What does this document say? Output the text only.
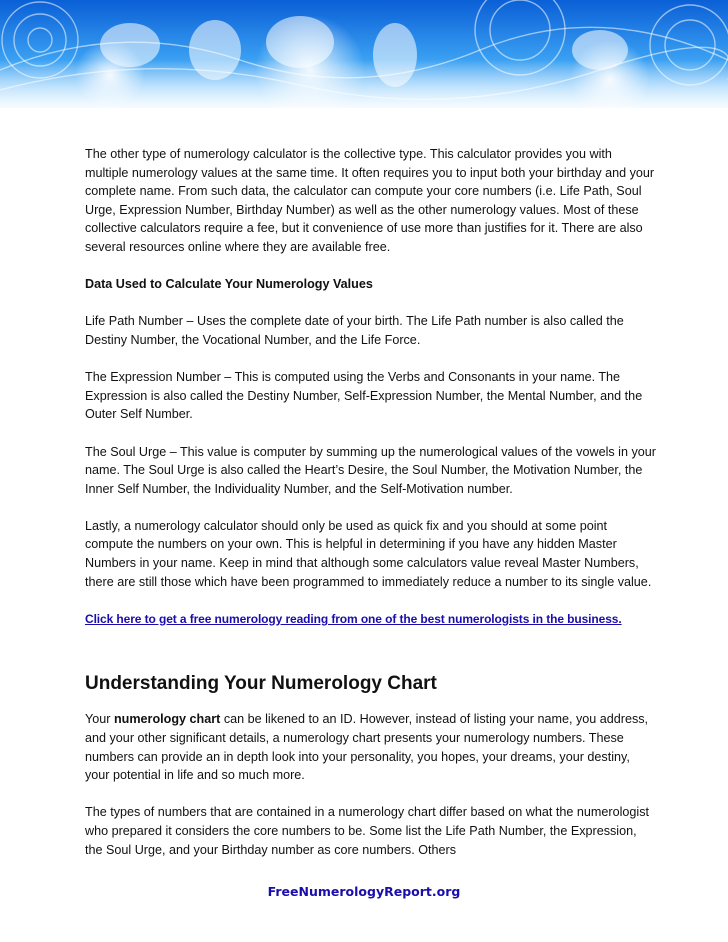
The other type of numerology calculator is the collective type. This calculator provides you with multiple numerology values at the same time. It often requires you to input both your birthday and your complete name. From such data, the calculator can compute your core numbers (i.e. Life Path, Soul Urge, Expression Number, Birthday Number) as well as the other numerology values. Most of these collective calculators require a fee, but it convenience of use more than justifies for it. There are also several resources online where they are available free.

Data Used to Calculate Your Numerology Values

Life Path Number – Uses the complete date of your birth. The Life Path number is also called the Destiny Number, the Vocational Number, and the Life Force.

The Expression Number – This is computed using the Verbs and Consonants in your name. The Expression is also called the Destiny Number, Self-Expression Number, the Mental Number, and the Outer Self Number.

The Soul Urge – This value is computer by summing up the numerological values of the vowels in your name. The Soul Urge is also called the Heart’s Desire, the Soul Number, the Motivation Number, the Inner Self Number, the Individuality Number, and the Self-Motivation number.

Lastly, a numerology calculator should only be used as quick fix and you should at some point compute the numbers on your own. This is helpful in determining if you have any hidden Master Numbers in your name. Keep in mind that although some calculators value reveal Master Numbers, there are still those which have been programmed to immediately reduce a number to its single value.

Click here to get a free numerology reading from one of the best numerologists in the business.

Understanding Your Numerology Chart

Your numerology chart can be likened to an ID. However, instead of listing your name, you address, and your other significant details, a numerology chart presents your numerology numbers. These numbers can provide an in depth look into your personality, you hopes, your dreams, your destiny, your potential in life and so much more.

The types of numbers that are contained in a numerology chart differ based on what the numerologist who prepared it considers the core numbers to be. Some list the Life Path Number, the Expression, the Soul Urge, and your Birthday number as core numbers. Others

FreeNumerologyReport.org
